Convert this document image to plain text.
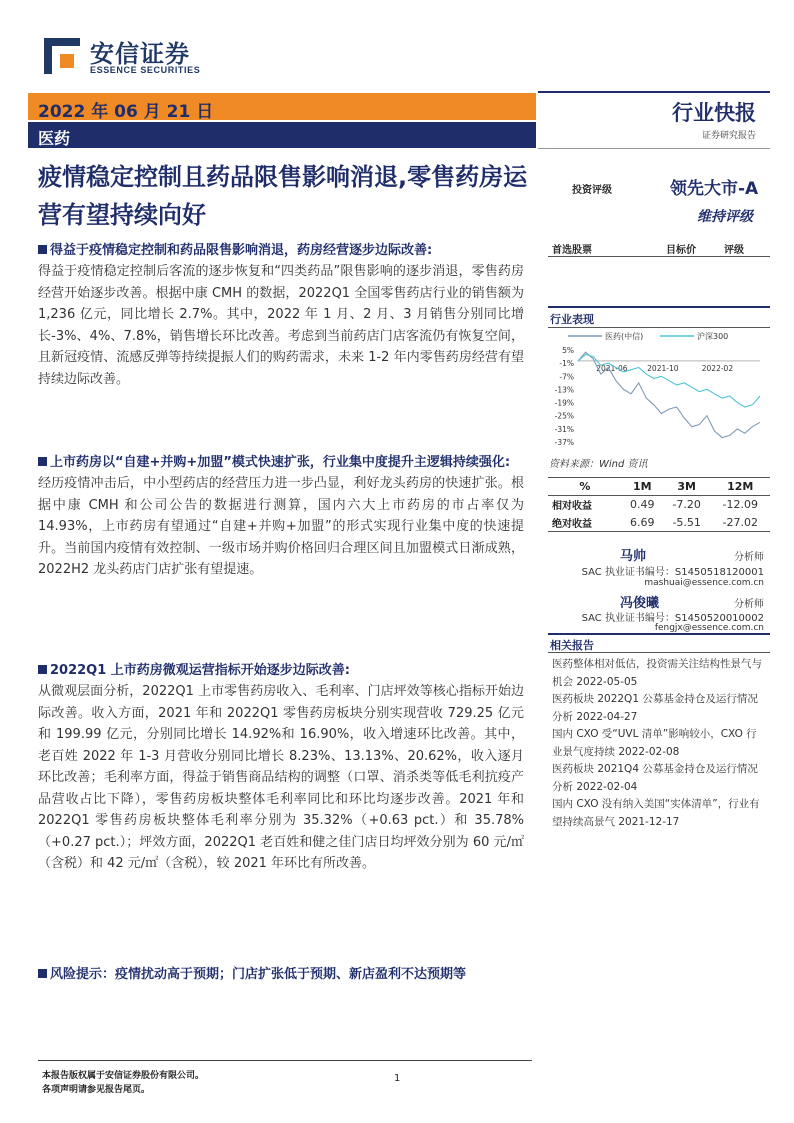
安信证券
ESSENCE SECURITIES
2022 年 06 月 21 日
医药
行业快报
证券研究报告
疲情稳定控制且药品限售影响消退,零售药房运营有望持续向好
得益于疫情稳定控制和药品限售影响消退，药房经营逐步边际改善:
得益于疫情稳定控制后客流的逐步恢复和“四类药品”限售影响的逐步消退，零售药房经营开始逐步改善。根据中康 CMH 的数据，2022Q1 全国零售药店行业的销售额为 1,236 亿元，同比增长 2.7%。其中，2022 年 1 月、2 月、3 月销售分别同比增长-3%、4%、7.8%，销售增长环比改善。考虑到当前药店门店客流仍有恢复空间，且新冠疫情、流感反弹等持续提振人们的购药需求，未来 1-2 年内零售药房经营有望持续边际改善。
上市药房以“自建+并购+加盟”模式快速扩张，行业集中度提升主逻辑持续强化:
经历疫情冲击后，中小型药店的经营压力进一步凸显，利好龙头药房的快速扩张。根据中康 CMH 和公司公告的数据进行测算，国内六大上市药房的市占率仅为 14.93%，上市药房有望通过“自建+并购+加盟”的形式实现行业集中度的快速提升。当前国内疫情有效控制、一级市场并购价格回归合理区间且加盟模式日渐成熟，2022H2 龙头药店门店扩张有望提速。
2022Q1 上市药房微观运营指标开始逐步边际改善:
从微观层面分析，2022Q1 上市零售药房收入、毛利率、门店坪效等核心指标开始边际改善。收入方面，2021 年和 2022Q1 零售药房板块分别实现营收 729.25 亿元和 199.99 亿元，分别同比增长 14.92%和 16.90%，收入增速环比改善。其中，老百姓 2022 年 1-3 月营收分别同比增长 8.23%、13.13%、20.62%，收入逐月环比改善；毛利率方面，得益于销售商品结构的调整（口罩、消杀类等低毛利抗疫产品营收占比下降），零售药房板块整体毛利率同比和环比均逐步改善。2021 年和 2022Q1 零售药房板块整体毛利率分别为 35.32%（+0.63 pct.）和 35.78%（+0.27 pct.）；坪效方面，2022Q1 老百姓和健之佳门店日均坪效分别为 60 元/㎡（含税）和 42 元/㎡（含税），较 2021 年环比有所改善。
风险提示：疫情扰动高于预期；门店扩张低于预期、新店盈利不达预期等
投资评级	领先大市-A
维持评级
首选股票	目标价	评级
行业表现
医药(中信)	沪深300
5%
-1%
-7%
-13%
-19%
-25%
-31%
-37%
2021-06	2021-10	2022-02
资料来源：Wind 资讯
%	1M	3M	12M
相对收益	0.49	-7.20	-12.09
绝对收益	6.69	-5.51	-27.02
马帅	分析师
SAC 执业证书编号：S1450518120001
mashuai@essence.com.cn
冯俊曦	分析师
SAC 执业证书编号：S1450520010002
fengjx@essence.com.cn
相关报告
医药整体相对低估，投资需关注结构性景气与机会 2022-05-05
医药板块 2022Q1 公募基金持仓及运行情况分析 2022-04-27
国内 CXO 受“UVL 清单”影响较小，CXO 行业景气度持续 2022-02-08
医药板块 2021Q4 公募基金持仓及运行情况分析 2022-02-04
国内 CXO 没有纳入美国“实体清单”，行业有望持续高景气 2021-12-17
本报告版权属于安信证券股份有限公司。
各项声明请参见报告尾页。
1
